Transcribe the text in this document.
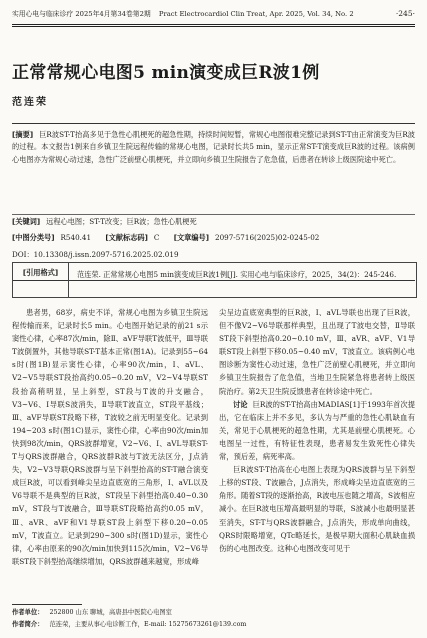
实用心电与临床诊疗 2025年4月第34卷第2期 Pract Electrocardiol Clin Treat, Apr. 2025, Vol. 34, No. 2	·245·
正常常规心电图5 min演变成巨R波1例
范连荣
[摘要] 巨R波ST-T抬高多见于急性心肌梗死的超急性期，持续时间短暂，常规心电图很难完整记录到ST-T由正常演变为巨R波的过程。本文报告1例来自乡镇卫生院远程传输的常规心电图，记录时长共5 min，显示正常ST-T演变成巨R波的过程。该病例心电图亦为常规心动过速，急性广泛前壁心肌梗死，并立即向乡镇卫生院报告了危急值，后患者在转诊上级医院途中死亡。
[关键词] 远程心电图；ST-T改变；巨R波；急性心肌梗死
[中图分类号] R540.41 [文献标志码] C [文章编号] 2097-5716(2025)02-0245-02
DOI：10.13308/j.issn.2097-5716.2025.02.019
[引用格式]	范连荣. 正常常规心电图5 min演变成巨R波1例[J]. 实用心电与临床诊疗，2025，34(2)：245-246.

患者男，68岁，病史不详，常规心电图为乡镇卫生院远程传输而来，记录时长5 min。心电图开始记录的前21 s示窦性心律，心率87次/min，除Ⅱ、aVF导联T波低平，Ⅲ导联T波倒置外，其他导联ST-T基本正常(图1A)。记录到55~64 s时(图1B)显示窦性心律，心率90次/min，Ⅰ、aVL、V2~V5导联ST段抬高约0.05~0.20 mV，V2~V4导联ST段抬高稍明显，呈上斜型，ST段与T波的升支融合，V3~V6、Ⅰ导联S波消失，Ⅱ导联T波直立，ST段平基线；Ⅲ、aVF导联ST段略下移，T波较之前无明显变化。记录到194~203 s时(图1C)显示，窦性心律，心率由90次/min加快到98次/min，QRS波群增宽，V2~V6、Ⅰ、aVL导联ST-T与QRS波群融合，QRS波群R波与T波无法区分，J点消失，V2~V3导联QRS波群与呈下斜型抬高的ST-T融合演变成巨R波，可以看到峰尖呈边直底宽的三角形，Ⅰ、aVL以及V6导联不是典型的巨R波，ST段呈下斜型抬高0.40~0.30 mV，ST段与T波融合，Ⅲ导联ST段略抬高约0.05 mV，Ⅲ、aVR、aVF和V1导联ST段上斜型下移0.20~0.05 mV，T波直立。记录到290~300 s时(图1D)显示，窦性心律，心率由原来的90次/min加快到115次/min，V2~V6导联ST段下斜型抬高继续增加，QRS波群越来越宽，形成峰

尖呈边直底宽典型的巨R波，Ⅰ、aVL导联也出现了巨R波，但不像V2~V6导联那样典型，且出现了T波电交替，Ⅱ导联ST段下斜型抬高0.20~0.10 mV，Ⅲ、aVR、aVF、V1导联ST段上斜型下移0.05~0.40 mV，T波直立。该病例心电图诊断为窦性心动过速，急性广泛前壁心肌梗死，并立即向乡镇卫生院报告了危急值，当地卫生院紧急将患者转上级医院治疗。第2天卫生院反馈患者在转诊途中死亡。

讨论 巨R波的ST-T抬高由MADIAS[1]于1993年首次提出，它在临床上并不多见，多认为与严重的急性心肌缺血有关，常见于心肌梗死的超急性期，尤其是前壁心肌梗死。心电图呈一过性，有特征性表现，患者易发生致死性心律失常，预后差，病死率高。

巨R波ST-T抬高在心电图上表现为QRS波群与呈下斜型上移的ST段、T波融合，J点消失，形成峰尖呈边直底宽的三角形。随着ST段的逐渐抬高，R波电压也随之增高，S波相应减小。在巨R波电压增高最明显的导联，S波减小也最明显甚至消失，ST-T与QRS波群融合，J点消失，形成单向曲线，QRS时限略增宽，QTc略延长，是极早期大面积心肌缺血损伤的心电图改变。这种心电图改变可见于

作者单位： 252800 山东 聊城，高唐县中医院心电图室
作者简介： 范连荣，主要从事心电诊断工作，E-mail: 15275673261@139.com
